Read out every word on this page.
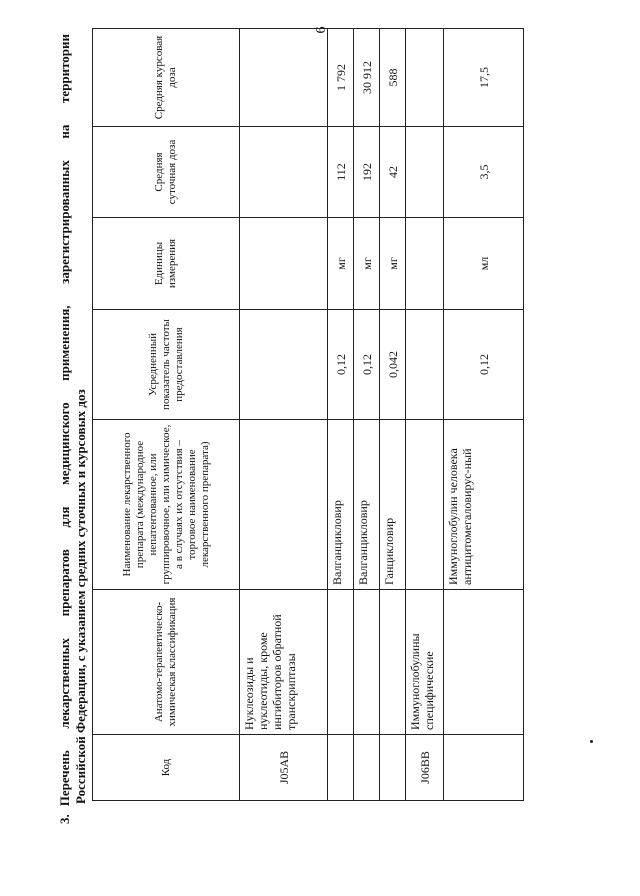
6
3.Перечень лекарственных препаратов для медицинского применения, зарегистрированных на территории Российской Федерации, с указанием средних суточных и курсовых доз	Код	Анатомо-терапевтическо-химическая классификация	Наименование лекарственного препарата (международное непатентованное, или группировочное, или химическое, а в случаях их отсутствия – торговое наименование лекарственного препарата)	Усредненный показатель частоты предоставления	Единицы измерения	Средняя суточная доза	Средняя курсовая доза
J05AB	Нуклеозиды и нуклеотиды, кроме ингибиторов обратной транскриптазы					
		Валганцикловир	0,12	мг	112	1 792
		Валганцикловир	0,12	мг	192	30 912
		Ганцикловир	0,042	мг	42	588
J06BB	Иммуноглобулины специфические					
		Иммуноглобулин человека антицитомегаловирус-ный	0,12	мл	3,5	17,5
